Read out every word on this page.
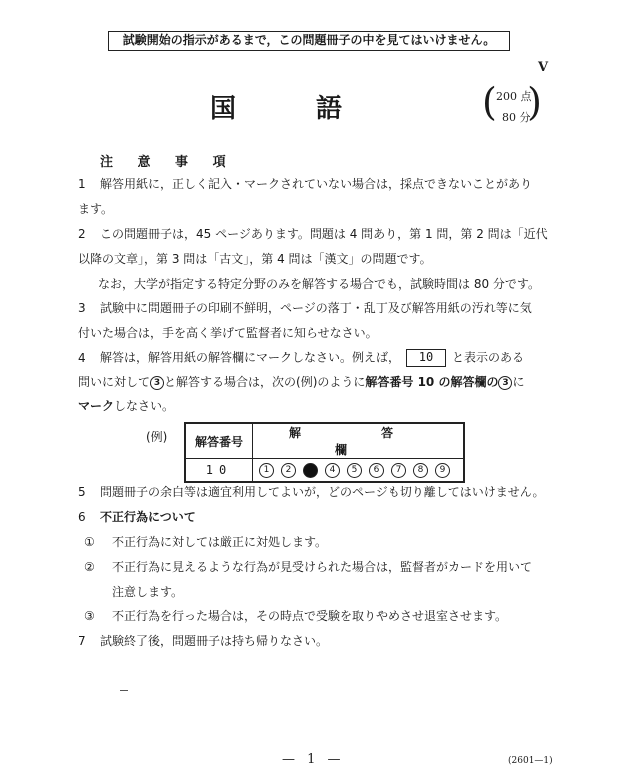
試験開始の指示があるまで，この問題冊子の中を見てはいけません。
V
国	語	( 200 点
80 分
)
注 意 事 項
1 解答用紙に，正しく記入・マークされていない場合は，採点できないことがあり
ます。
2 この問題冊子は，45 ページあります。問題は 4 問あり，第 1 問，第 2 問は「近代
以降の文章」，第 3 問は「古文」，第 4 問は「漢文」の問題です。
なお，大学が指定する特定分野のみを解答する場合でも，試験時間は 80 分です。
3 試験中に問題冊子の印刷不鮮明，ページの落丁・乱丁及び解答用紙の汚れ等に気
付いた場合は，手を高く挙げて監督者に知らせなさい。
4 解答は，解答用紙の解答欄にマークしなさい。例えば， 10 と表示のある
問いに対して 3 と解答する場合は，次の(例)のように解答番号 10 の解答欄の 3 に
マークしなさい。
(例) 解答番号	解　答　欄
10	1 2 3 4 5 6 7 8 9
5 問題冊子の余白等は適宜利用してよいが，どのページも切り離してはいけません。
6 不正行為について
① 不正行為に対しては厳正に対処します。
② 不正行為に見えるような行為が見受けられた場合は，監督者がカードを用いて
注意します。
③ 不正行為を行った場合は，その時点で受験を取りやめさせ退室させます。
7 試験終了後，問題冊子は持ち帰りなさい。
— 1 —	(2601—1)
